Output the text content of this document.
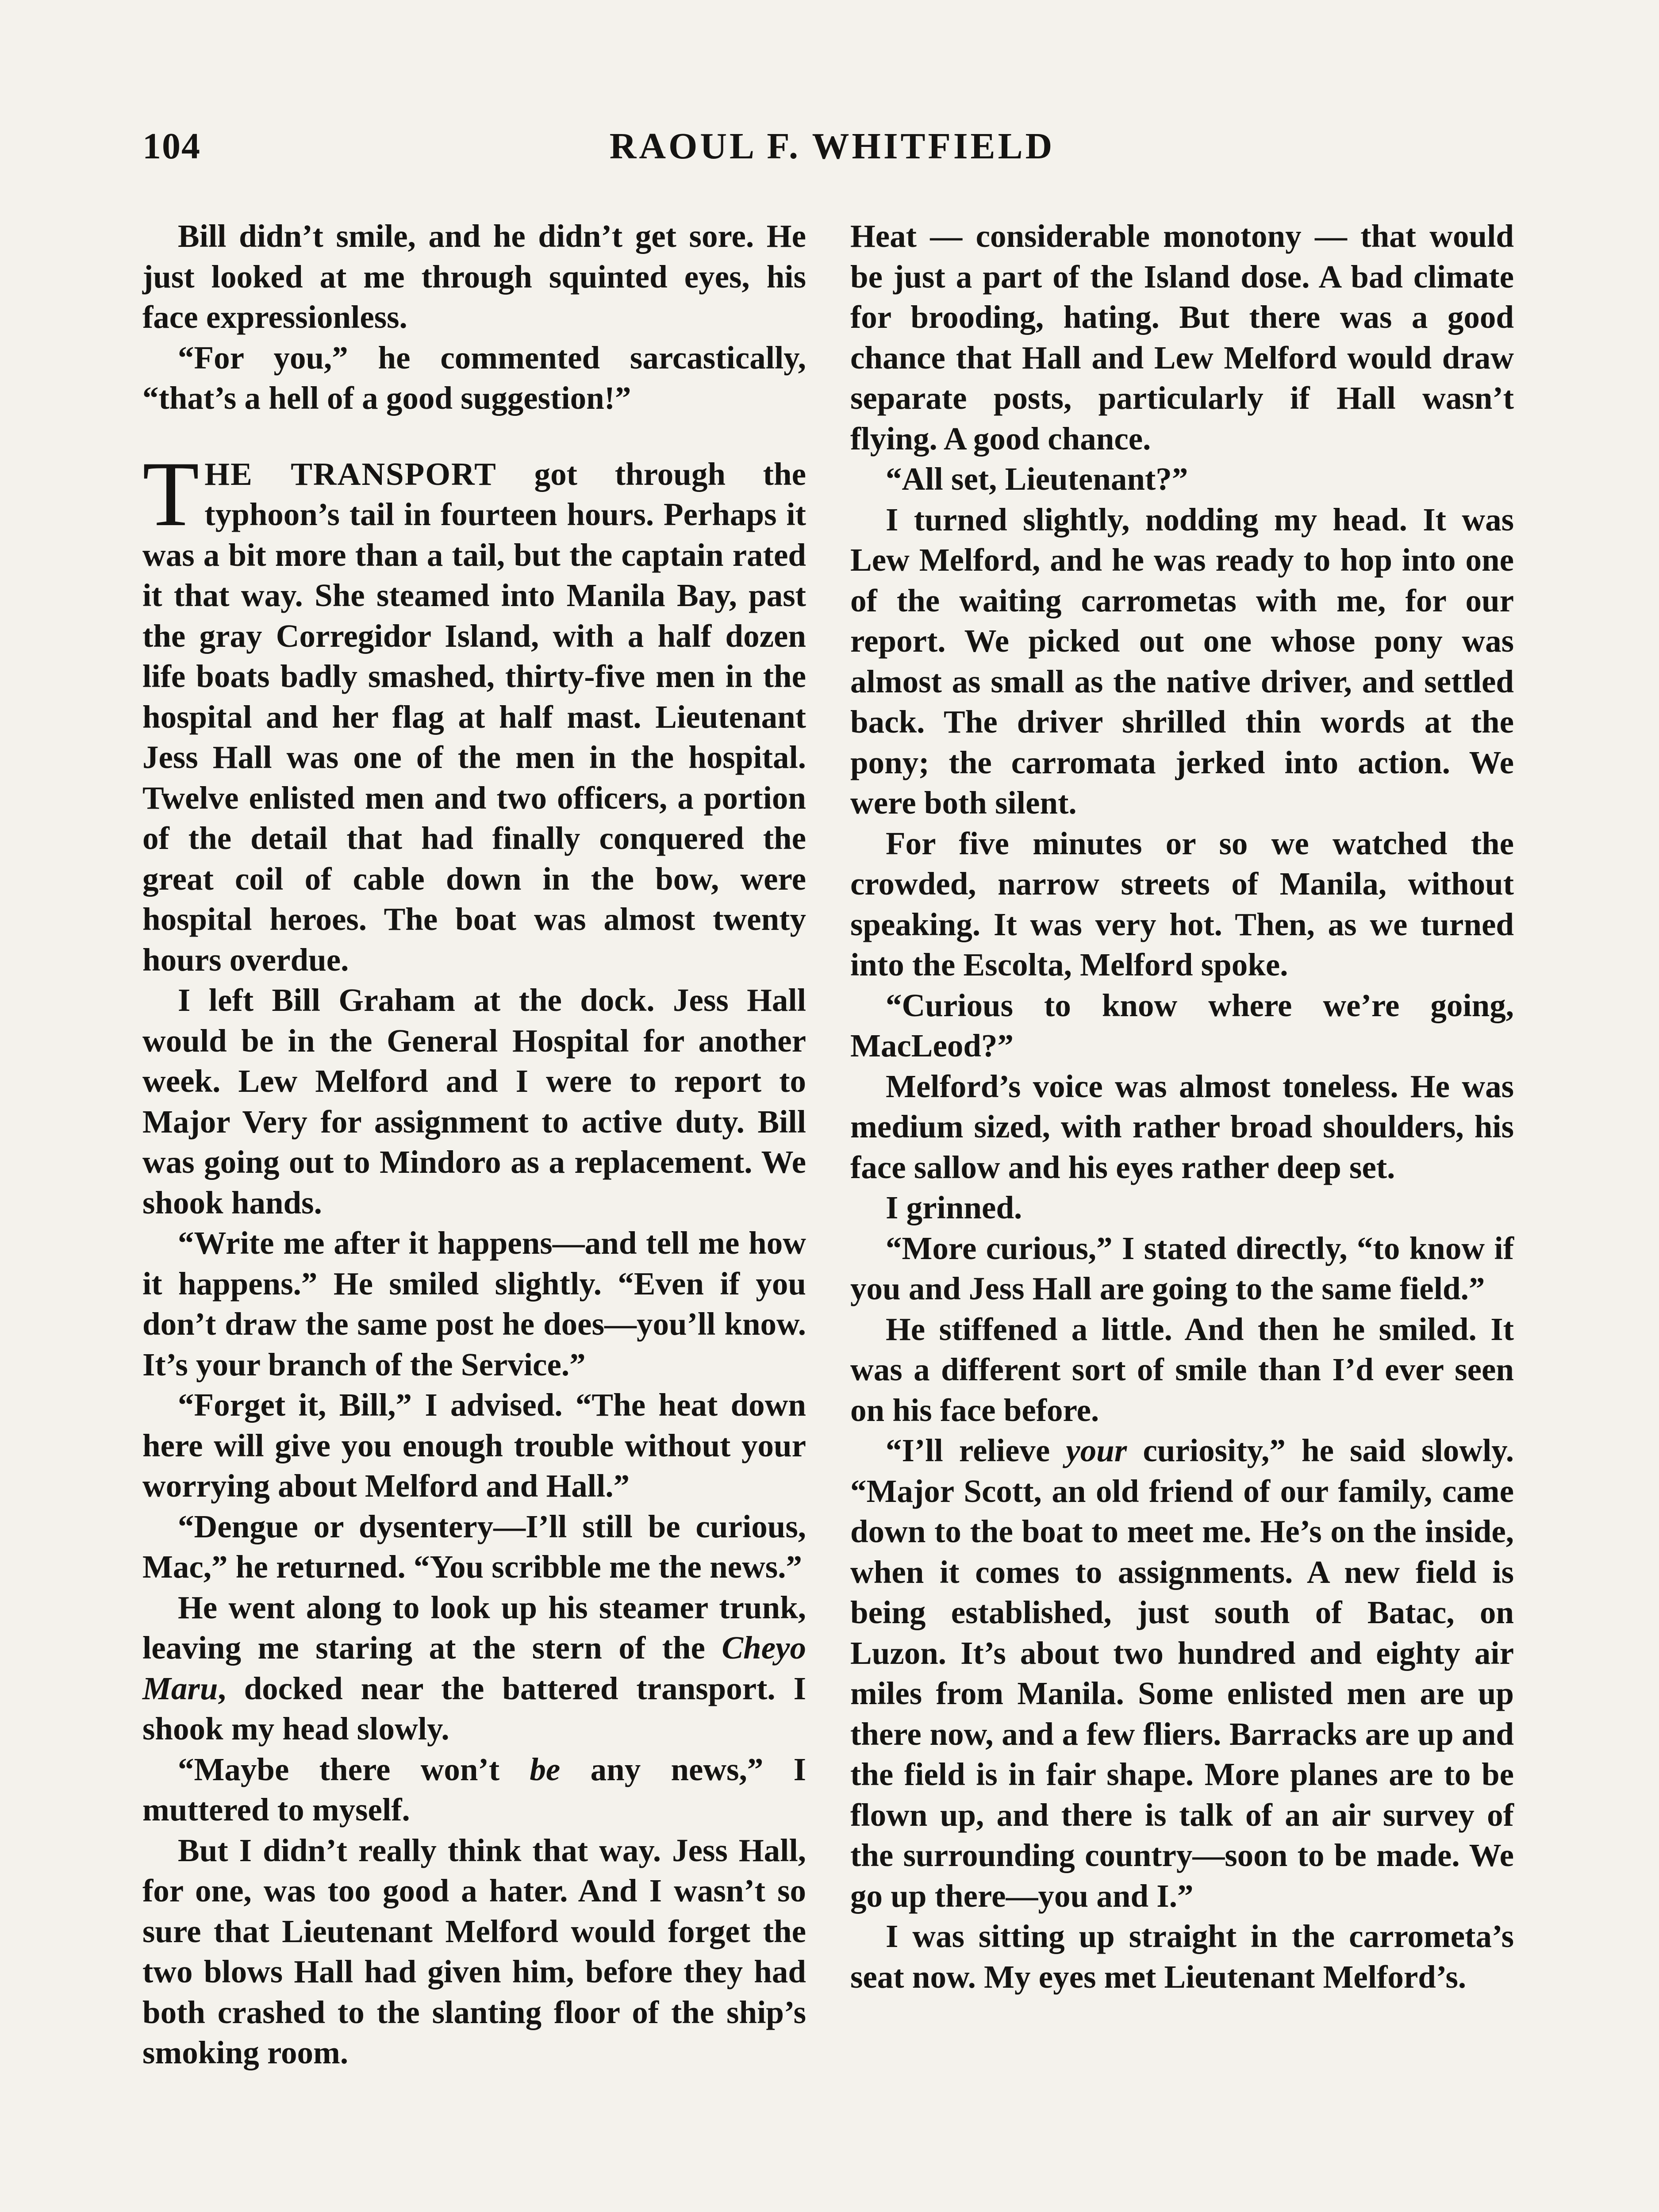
104	RAOUL F. WHITFIELD

Bill didn’t smile, and he didn’t get sore. He just looked at me through squinted eyes, his face expressionless.

“For you,” he commented sarcastically, “that’s a hell of a good suggestion!”

THE TRANSPORT got through the typhoon’s tail in fourteen hours. Perhaps it was a bit more than a tail, but the captain rated it that way. She steamed into Manila Bay, past the gray Corregidor Island, with a half dozen life boats badly smashed, thirty-five men in the hospital and her flag at half mast. Lieutenant Jess Hall was one of the men in the hospital. Twelve enlisted men and two officers, a portion of the detail that had finally conquered the great coil of cable down in the bow, were hospital heroes. The boat was almost twenty hours overdue.

I left Bill Graham at the dock. Jess Hall would be in the General Hospital for another week. Lew Melford and I were to report to Major Very for assignment to active duty. Bill was going out to Mindoro as a replacement. We shook hands.

“Write me after it happens—and tell me how it happens.” He smiled slightly. “Even if you don’t draw the same post he does—you’ll know. It’s your branch of the Service.”

“Forget it, Bill,” I advised. “The heat down here will give you enough trouble without your worrying about Melford and Hall.”

“Dengue or dysentery—I’ll still be curious, Mac,” he returned. “You scribble me the news.”

He went along to look up his steamer trunk, leaving me staring at the stern of the Cheyo Maru, docked near the battered transport. I shook my head slowly.

“Maybe there won’t be any news,” I muttered to myself.

But I didn’t really think that way. Jess Hall, for one, was too good a hater. And I wasn’t so sure that Lieutenant Melford would forget the two blows Hall had given him, before they had both crashed to the slanting floor of the ship’s smoking room.

Heat — considerable monotony — that would be just a part of the Island dose. A bad climate for brooding, hating. But there was a good chance that Hall and Lew Melford would draw separate posts, particularly if Hall wasn’t flying. A good chance.

“All set, Lieutenant?”

I turned slightly, nodding my head. It was Lew Melford, and he was ready to hop into one of the waiting carrometas with me, for our report. We picked out one whose pony was almost as small as the native driver, and settled back. The driver shrilled thin words at the pony; the carromata jerked into action. We were both silent.

For five minutes or so we watched the crowded, narrow streets of Manila, without speaking. It was very hot. Then, as we turned into the Escolta, Melford spoke.

“Curious to know where we’re going, MacLeod?”

Melford’s voice was almost toneless. He was medium sized, with rather broad shoulders, his face sallow and his eyes rather deep set.

I grinned.

“More curious,” I stated directly, “to know if you and Jess Hall are going to the same field.”

He stiffened a little. And then he smiled. It was a different sort of smile than I’d ever seen on his face before.

“I’ll relieve your curiosity,” he said slowly. “Major Scott, an old friend of our family, came down to the boat to meet me. He’s on the inside, when it comes to assignments. A new field is being established, just south of Batac, on Luzon. It’s about two hundred and eighty air miles from Manila. Some enlisted men are up there now, and a few fliers. Barracks are up and the field is in fair shape. More planes are to be flown up, and there is talk of an air survey of the surrounding country—soon to be made. We go up there—you and I.”

I was sitting up straight in the carrometa’s seat now. My eyes met Lieutenant Melford’s.
